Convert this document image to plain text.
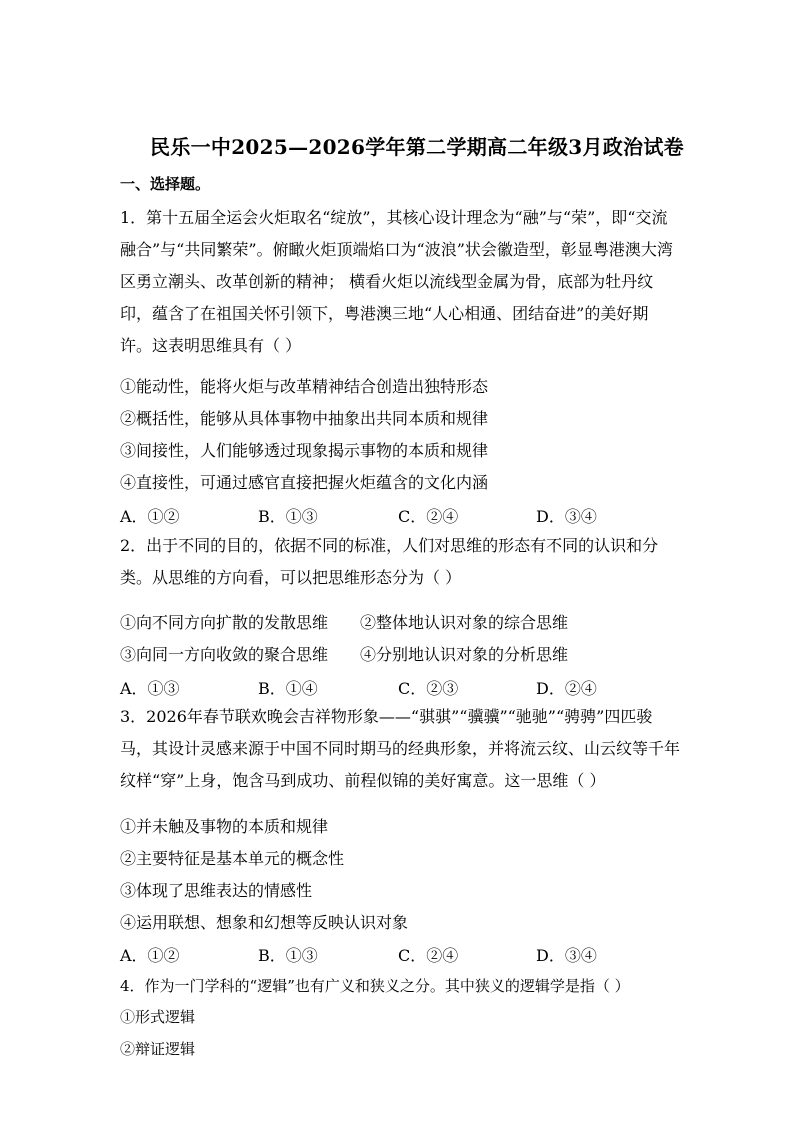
民乐一中2025—2026学年第二学期高二年级3月政治试卷
一、选择题。
1．第十五届全运会火炬取名“绽放”，其核心设计理念为“融”与“荣”，即“交流融合”与“共同繁荣”。俯瞰火炬顶端焰口为“波浪”状会徽造型，彰显粤港澳大湾区勇立潮头、改革创新的精神； 横看火炬以流线型金属为骨，底部为牡丹纹印，蕴含了在祖国关怀引领下，粤港澳三地“人心相通、团结奋进”的美好期许。这表明思维具有（ ）
①能动性，能将火炬与改革精神结合创造出独特形态
②概括性，能够从具体事物中抽象出共同本质和规律
③间接性，人们能够透过现象揭示事物的本质和规律
④直接性，可通过感官直接把握火炬蕴含的文化内涵
A．①②	B．①③	C．②④	D．③④
2．出于不同的目的，依据不同的标准，人们对思维的形态有不同的认识和分类。从思维的方向看，可以把思维形态分为（ ）
①向不同方向扩散的发散思维 ②整体地认识对象的综合思维
③向同一方向收敛的聚合思维 ④分别地认识对象的分析思维
A．①③	B．①④	C．②③	D．②④
3．2026年春节联欢晚会吉祥物形象——“骐骐”“骥骥”“驰驰”“骋骋”四匹骏马，其设计灵感来源于中国不同时期马的经典形象，并将流云纹、山云纹等千年纹样“穿”上身，饱含马到成功、前程似锦的美好寓意。这一思维（ ）
①并未触及事物的本质和规律
②主要特征是基本单元的概念性
③体现了思维表达的情感性
④运用联想、想象和幻想等反映认识对象
A．①②	B．①③	C．②④	D．③④
4．作为一门学科的“逻辑”也有广义和狭义之分。其中狭义的逻辑学是指（ ）
①形式逻辑
②辩证逻辑
